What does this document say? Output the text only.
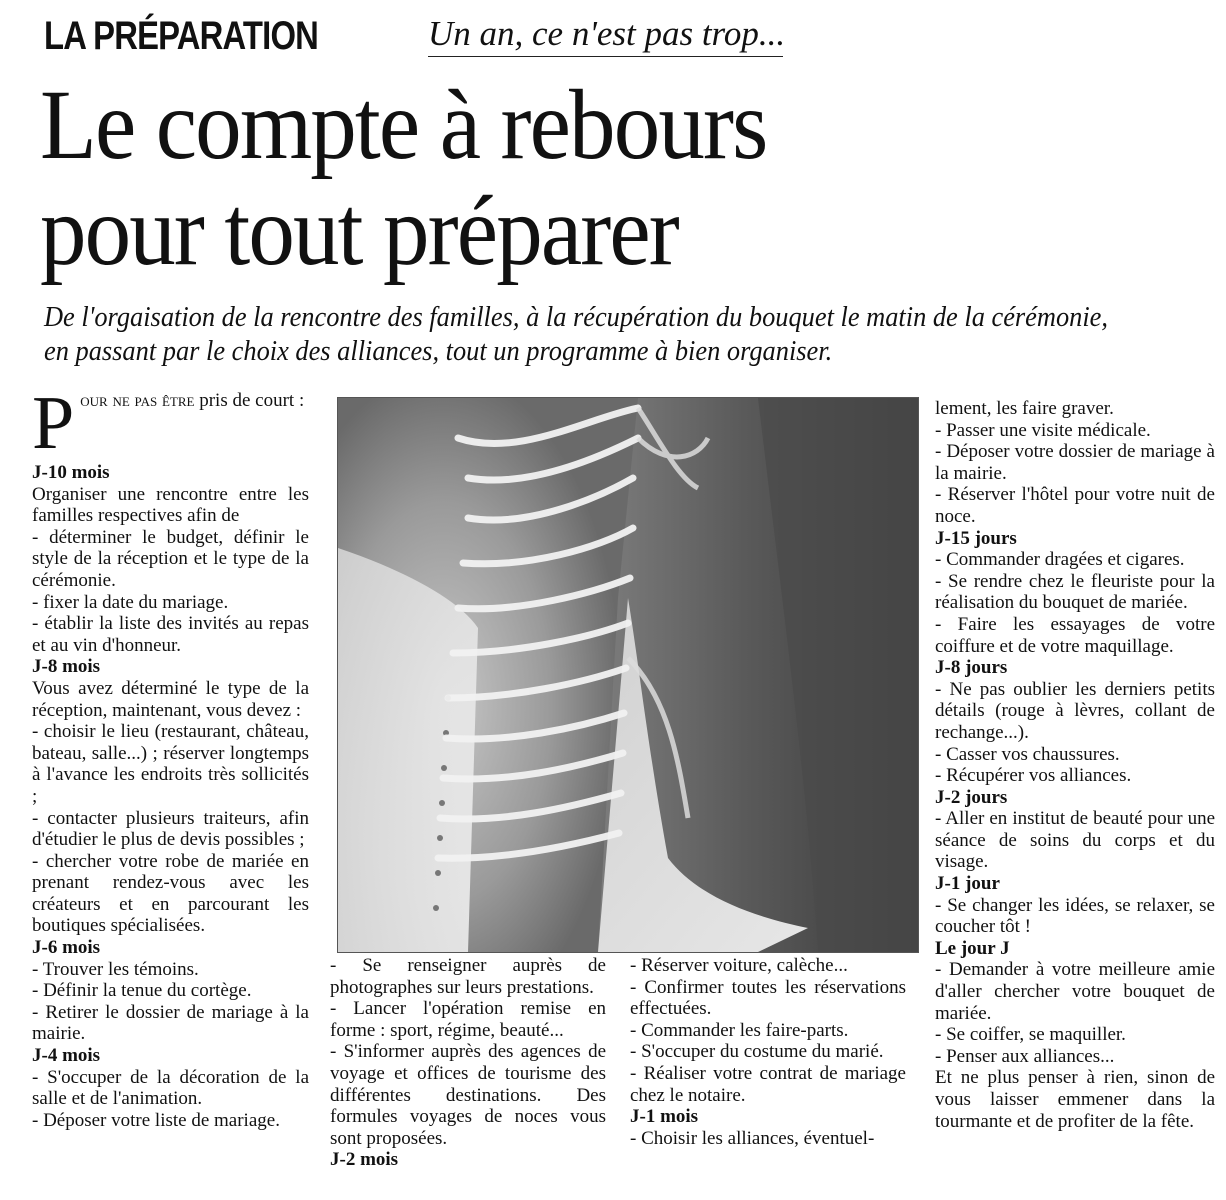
LA PRÉPARATION	Un an, ce n'est pas trop...
Le compte à rebours
pour tout préparer
De l'orgaisation de la rencontre des familles, à la récupération du bouquet le matin de la cérémonie,
en passant par le choix des alliances, tout un programme à bien organiser.

Pour ne pas être pris de court :

J-10 mois

Organiser une rencontre entre les familles respectives afin de

- déterminer le budget, définir le style de la réception et le type de la cérémonie.

- fixer la date du mariage.

- établir la liste des invités au repas et au vin d'honneur.

J-8 mois

Vous avez déterminé le type de la réception, maintenant, vous devez :

- choisir le lieu (restaurant, château, bateau, salle...) ; réserver longtemps à l'avance les endroits très sollicités ;

- contacter plusieurs traiteurs, afin d'étudier le plus de devis possibles ;

- chercher votre robe de mariée en prenant rendez-vous avec les créateurs et en parcourant les boutiques spécialisées.

J-6 mois

- Trouver les témoins.

- Définir la tenue du cortège.

- Retirer le dossier de mariage à la mairie.

J-4 mois

- S'occuper de la décoration de la salle et de l'animation.

- Déposer votre liste de mariage.

- Se renseigner auprès de photographes sur leurs prestations.

- Lancer l'opération remise en forme : sport, régime, beauté...

- S'informer auprès des agences de voyage et offices de tourisme des différentes destinations. Des formules voyages de noces vous sont proposées.

J-2 mois

- Réserver voiture, calèche...

- Confirmer toutes les réservations effectuées.

- Commander les faire-parts.

- S'occuper du costume du marié.

- Réaliser votre contrat de mariage chez le notaire.

J-1 mois

- Choisir les alliances, éventuel-

lement, les faire graver.

- Passer une visite médicale.

- Déposer votre dossier de mariage à la mairie.

- Réserver l'hôtel pour votre nuit de noce.

J-15 jours

- Commander dragées et cigares.

- Se rendre chez le fleuriste pour la réalisation du bouquet de mariée.

- Faire les essayages de votre coiffure et de votre maquillage.

J-8 jours

- Ne pas oublier les derniers petits détails (rouge à lèvres, collant de rechange...).

- Casser vos chaussures.

- Récupérer vos alliances.

J-2 jours

- Aller en institut de beauté pour une séance de soins du corps et du visage.

J-1 jour

- Se changer les idées, se relaxer, se coucher tôt !

Le jour J

- Demander à votre meilleure amie d'aller chercher votre bouquet de mariée.

- Se coiffer, se maquiller.

- Penser aux alliances...

Et ne plus penser à rien, sinon de vous laisser emmener dans la tourmante et de profiter de la fête.
